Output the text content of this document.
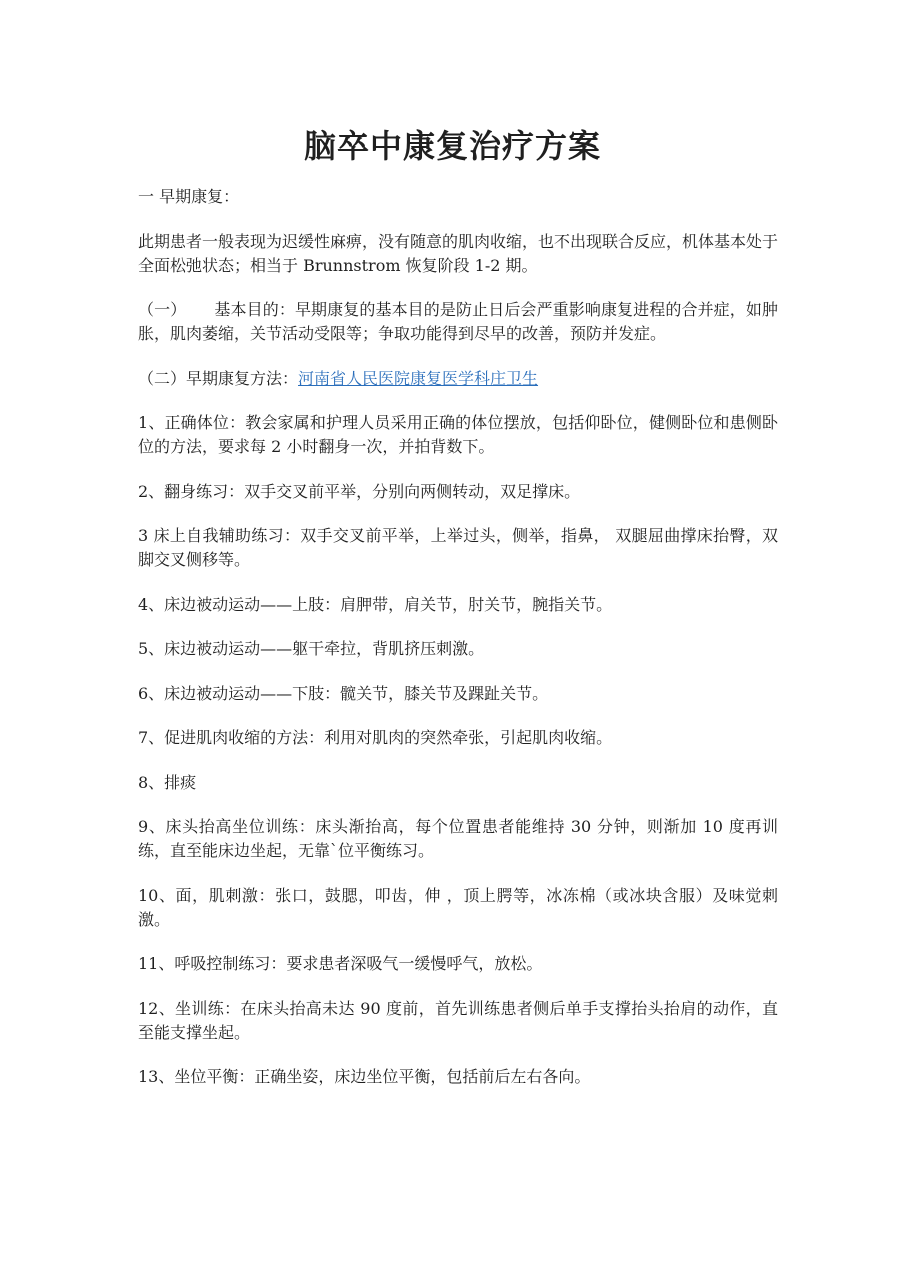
脑卒中康复治疗方案

一 早期康复：

此期患者一般表现为迟缓性麻痹，没有随意的肌肉收缩，也不出现联合反应，机体基本处于全面松弛状态；相当于 Brunnstrom 恢复阶段 1-2 期。

（一） 基本目的：早期康复的基本目的是防止日后会严重影响康复进程的合并症，如肿胀，肌肉萎缩，关节活动受限等；争取功能得到尽早的改善，预防并发症。

（二）早期康复方法：河南省人民医院康复医学科庄卫生

1、正确体位：教会家属和护理人员采用正确的体位摆放，包括仰卧位，健侧卧位和患侧卧位的方法，要求每 2 小时翻身一次，并拍背数下。

2、翻身练习：双手交叉前平举，分别向两侧转动，双足撑床。

3 床上自我辅助练习：双手交叉前平举，上举过头，侧举，指鼻， 双腿屈曲撑床抬臀，双脚交叉侧移等。

4、床边被动运动——上肢：肩胛带，肩关节，肘关节，腕指关节。

5、床边被动运动——躯干牵拉，背肌挤压刺激。

6、床边被动运动——下肢：髋关节，膝关节及踝趾关节。

7、促进肌肉收缩的方法：利用对肌肉的突然牵张，引起肌肉收缩。

8、排痰

9、床头抬高坐位训练：床头渐抬高，每个位置患者能维持 30 分钟，则渐加 10 度再训练，直至能床边坐起，无靠`位平衡练习。

10、面，肌刺激：张口，鼓腮，叩齿，伸 ，顶上腭等，冰冻棉（或冰块含服）及味觉刺激。

11、呼吸控制练习：要求患者深吸气一缓慢呼气，放松。

12、坐训练：在床头抬高未达 90 度前，首先训练患者侧后单手支撑抬头抬肩的动作，直至能支撑坐起。

13、坐位平衡：正确坐姿，床边坐位平衡，包括前后左右各向。
